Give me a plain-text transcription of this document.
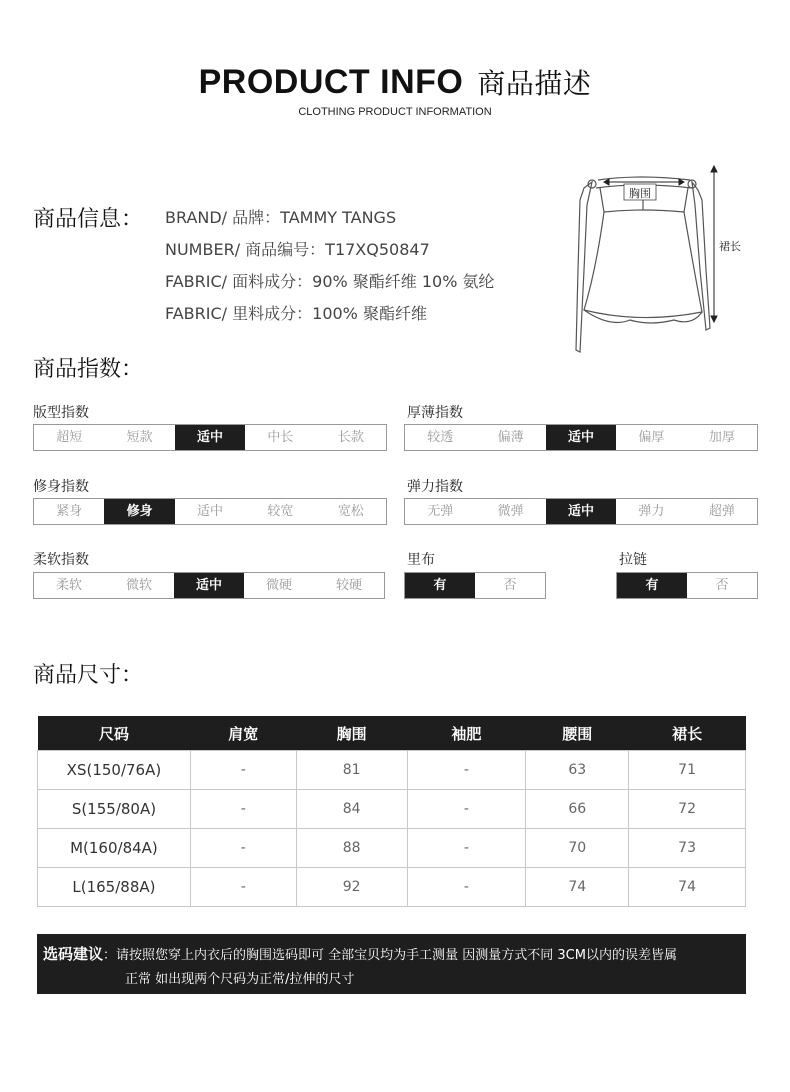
PRODUCT INFO 商品描述
CLOTHING PRODUCT INFORMATION
商品信息： BRAND/ 品牌：TAMMY TANGS
NUMBER/ 商品编号：T17XQ50847
FABRIC/ 面料成分：90% 聚酯纤维 10% 氨纶
FABRIC/ 里料成分：100% 聚酯纤维
胸围
裙长
商品指数：
版型指数
超短	短款	适中	中长	长款
厚薄指数
较透	偏薄	适中	偏厚	加厚
修身指数
紧身	修身	适中	较宽	宽松
弹力指数
无弹	微弹	适中	弹力	超弹
柔软指数
柔软	微软	适中	微硬	较硬
里布
有	否
拉链
有	否
商品尺寸：
尺码	肩宽	胸围	袖肥	腰围	裙长
XS(150/76A)	-	81	-	63	71
S(155/80A)	-	84	-	66	72
M(160/84A)	-	88	-	70	73
L(165/88A)	-	92	-	74	74
选码建议：请按照您穿上内衣后的胸围选码即可 全部宝贝均为手工测量 因测量方式不同 3CM以内的误差皆属
正常 如出现两个尺码为正常/拉伸的尺寸
